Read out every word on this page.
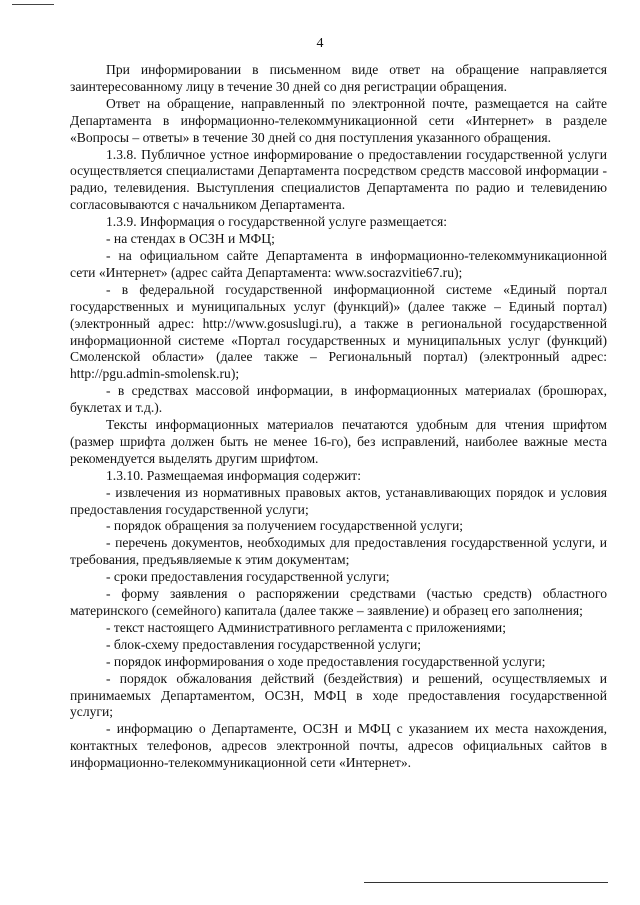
4

При информировании в письменном виде ответ на обращение направляется заинтересованному лицу в течение 30 дней со дня регистрации обращения.

Ответ на обращение, направленный по электронной почте, размещается на сайте Департамента в информационно-телекоммуникационной сети «Интернет» в разделе «Вопросы – ответы» в течение 30 дней со дня поступления указанного обращения.

1.3.8. Публичное устное информирование о предоставлении государственной услуги осуществляется специалистами Департамента посредством средств массовой информации - радио, телевидения. Выступления специалистов Департамента по радио и телевидению согласовываются с начальником Департамента.

1.3.9. Информация о государственной услуге размещается:

- на стендах в ОСЗН и МФЦ;

- на официальном сайте Департамента в информационно-телекоммуникационной сети «Интернет» (адрес сайта Департамента: www.socrazvitie67.ru);

- в федеральной государственной информационной системе «Единый портал государственных и муниципальных услуг (функций)» (далее также – Единый портал) (электронный адрес: http://www.gosuslugi.ru), а также в региональной государственной информационной системе «Портал государственных и муниципальных услуг (функций) Смоленской области» (далее также – Региональный портал) (электронный адрес: http://pgu.admin-smolensk.ru);

- в средствах массовой информации, в информационных материалах (брошюрах, буклетах и т.д.).

Тексты информационных материалов печатаются удобным для чтения шрифтом (размер шрифта должен быть не менее 16-го), без исправлений, наиболее важные места рекомендуется выделять другим шрифтом.

1.3.10. Размещаемая информация содержит:

- извлечения из нормативных правовых актов, устанавливающих порядок и условия предоставления государственной услуги;

- порядок обращения за получением государственной услуги;

- перечень документов, необходимых для предоставления государственной услуги, и требования, предъявляемые к этим документам;

- сроки предоставления государственной услуги;

- форму заявления о распоряжении средствами (частью средств) областного материнского (семейного) капитала (далее также – заявление) и образец его заполнения;

- текст настоящего Административного регламента с приложениями;

- блок-схему предоставления государственной услуги;

- порядок информирования о ходе предоставления государственной услуги;

- порядок обжалования действий (бездействия) и решений, осуществляемых и принимаемых Департаментом, ОСЗН, МФЦ в ходе предоставления государственной услуги;

- информацию о Департаменте, ОСЗН и МФЦ с указанием их места нахождения, контактных телефонов, адресов электронной почты, адресов официальных сайтов в информационно-телекоммуникационной сети «Интернет».
